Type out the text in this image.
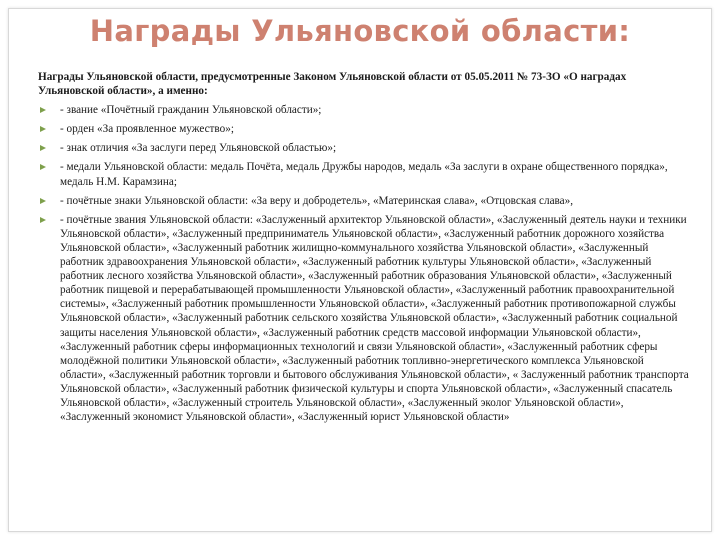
Награды Ульяновской области:

Награды Ульяновской области, предусмотренные Законом Ульяновской области от 05.05.2011 № 73-ЗО «О наградах Ульяновской области», а именно:

- звание «Почётный гражданин Ульяновской области»;
- орден «За проявленное мужество»;
- знак отличия «За заслуги перед Ульяновской областью»;
- медали Ульяновской области: медаль Почёта, медаль Дружбы народов, медаль «За заслуги в охране общественного порядка», медаль Н.М. Карамзина;
- почётные знаки Ульяновской области: «За веру и добродетель», «Материнская слава», «Отцовская слава»,
- почётные звания Ульяновской области: «Заслуженный архитектор Ульяновской области», «Заслуженный деятель науки и техники Ульяновской области», «Заслуженный предприниматель Ульяновской области», «Заслуженный работник дорожного хозяйства Ульяновской области», «Заслуженный работник жилищно-коммунального хозяйства Ульяновской области», «Заслуженный работник здравоохранения Ульяновской области», «Заслуженный работник культуры Ульяновской области», «Заслуженный работник лесного хозяйства Ульяновской области», «Заслуженный работник образования Ульяновской области», «Заслуженный работник пищевой и перерабатывающей промышленности Ульяновской области», «Заслуженный работник правоохранительной системы», «Заслуженный работник промышленности Ульяновской области», «Заслуженный работник противопожарной службы Ульяновской области», «Заслуженный работник сельского хозяйства Ульяновской области», «Заслуженный работник социальной защиты населения Ульяновской области», «Заслуженный работник средств массовой информации Ульяновской области», «Заслуженный работник сферы информационных технологий и связи Ульяновской области», «Заслуженный работник сферы молодёжной политики Ульяновской области», «Заслуженный работник топливно-энергетического комплекса Ульяновской области», «Заслуженный работник торговли и бытового обслуживания Ульяновской области», « Заслуженный работник транспорта Ульяновской области», «Заслуженный работник физической культуры и спорта Ульяновской области», «Заслуженный спасатель Ульяновской области», «Заслуженный строитель Ульяновской области», «Заслуженный эколог Ульяновской области», «Заслуженный экономист Ульяновской области», «Заслуженный юрист Ульяновской области»
